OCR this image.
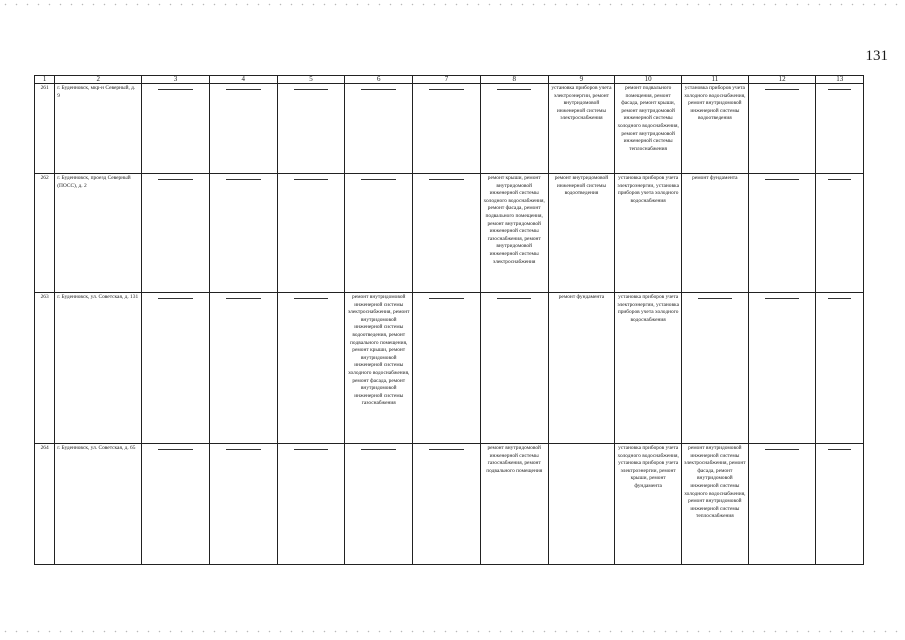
131
1	2	3	4	5	6	7	8	9	10	11	12	13
261	г. Буденновск, мкр-н Северный, д. 9							установка приборов учета электроэнергии, ремонт внутридомовой инженерной системы электроснабжения	ремонт подвального помещения, ремонт фасада, ремонт крыши, ремонт внутридомовой инженерной системы холодного водоснабжения, ремонт внутридомовой инженерной системы теплоснабжения	установка приборов учета холодного водоснабжения, ремонт внутридомовой инженерной системы водоотведения	

262	г. Буденновск, проезд Северный (ПОСС), д. 2						ремонт крыши, ремонт внутридомовой инженерной системы холодного водоснабжения, ремонт фасада, ремонт подвального помещения, ремонт внутридомовой инженерной системы газоснабжения, ремонт внутридомовой инженерной системы электроснабжения	ремонт внутридомовой инженерной системы водоотведения	установка приборов учета электроэнергии, установка приборов учета холодного водоснабжения	ремонт фундамента	

263	г. Буденновск, ул. Советская, д. 131				ремонт внутридомовой инженерной системы электроснабжения, ремонт внутридомовой инженерной системы водоотведения, ремонт подвального помещения, ремонт крыши, ремонт внутридомовой инженерной системы холодного водоснабжения, ремонт фасада, ремонт внутридомовой инженерной системы газоснабжения			ремонт фундамента	установка приборов учета электроэнергии, установка приборов учета холодного водоснабжения	

264	г. Буденновск, ул. Советская, д. 65						ремонт внутридомовой инженерной системы газоснабжения, ремонт подвального помещения		установка приборов учета холодного водоснабжения, установка приборов учета электроэнергии, ремонт крыши, ремонт фундамента	ремонт внутридомовой инженерной системы электроснабжения, ремонт фасада, ремонт внутридомовой инженерной системы холодного водоснабжения, ремонт внутридомовой инженерной системы теплоснабжения	
